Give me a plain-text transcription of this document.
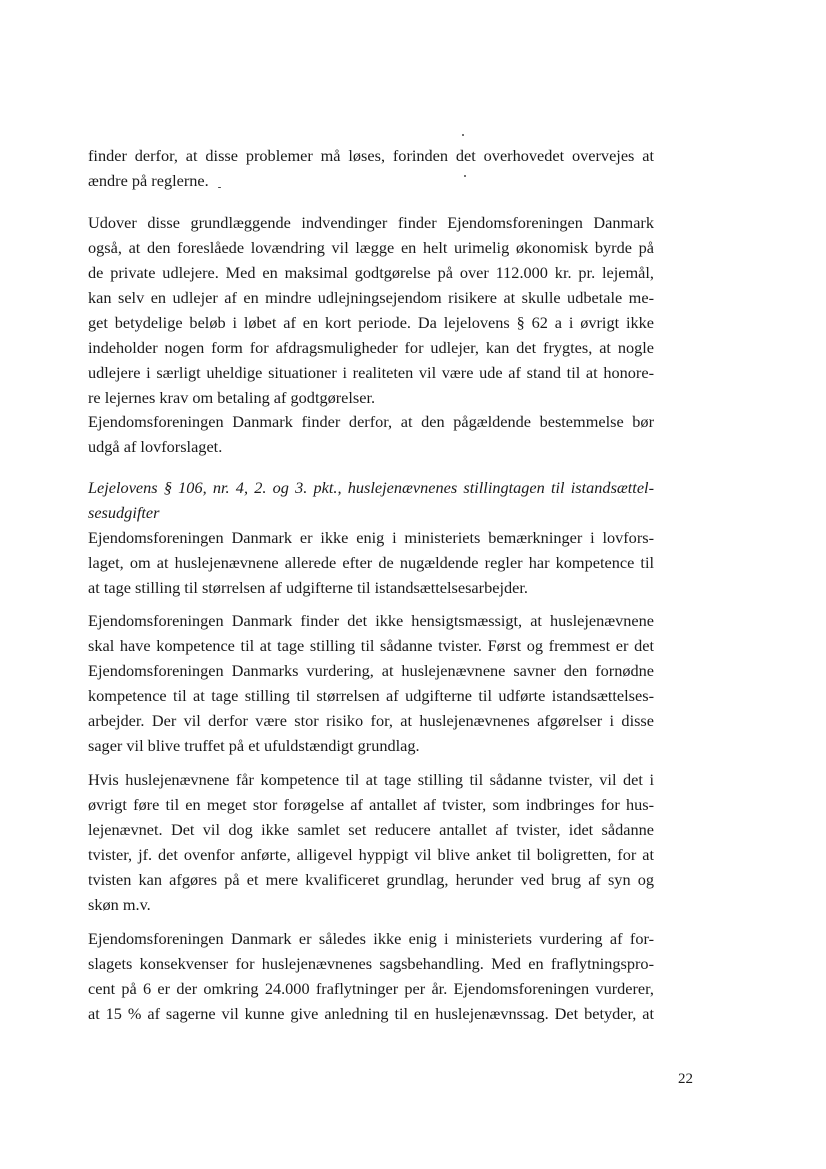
finder derfor, at disse problemer må løses, forinden det overhovedet overvejes at
ændre på reglerne.
Udover disse grundlæggende indvendinger finder Ejendomsforeningen Danmark
også, at den foreslåede lovændring vil lægge en helt urimelig økonomisk byrde på
de private udlejere. Med en maksimal godtgørelse på over 112.000 kr. pr. lejemål,
kan selv en udlejer af en mindre udlejningsejendom risikere at skulle udbetale me-
get betydelige beløb i løbet af en kort periode. Da lejelovens § 62 a i øvrigt ikke
indeholder nogen form for afdragsmuligheder for udlejer, kan det frygtes, at nogle
udlejere i særligt uheldige situationer i realiteten vil være ude af stand til at honore-
re lejernes krav om betaling af godtgørelser.
Ejendomsforeningen Danmark finder derfor, at den pågældende bestemmelse bør
udgå af lovforslaget.
Lejelovens § 106, nr. 4, 2. og 3. pkt., huslejenævnenes stillingtagen til istandsættel-
sesudgifter
Ejendomsforeningen Danmark er ikke enig i ministeriets bemærkninger i lovfors-
laget, om at huslejenævnene allerede efter de nugældende regler har kompetence til
at tage stilling til størrelsen af udgifterne til istandsættelsesarbejder.
Ejendomsforeningen Danmark finder det ikke hensigtsmæssigt, at huslejenævnene
skal have kompetence til at tage stilling til sådanne tvister. Først og fremmest er det
Ejendomsforeningen Danmarks vurdering, at huslejenævnene savner den fornødne
kompetence til at tage stilling til størrelsen af udgifterne til udførte istandsættelses-
arbejder. Der vil derfor være stor risiko for, at huslejenævnenes afgørelser i disse
sager vil blive truffet på et ufuldstændigt grundlag.
Hvis huslejenævnene får kompetence til at tage stilling til sådanne tvister, vil det i
øvrigt føre til en meget stor forøgelse af antallet af tvister, som indbringes for hus-
lejenævnet. Det vil dog ikke samlet set reducere antallet af tvister, idet sådanne
tvister, jf. det ovenfor anførte, alligevel hyppigt vil blive anket til boligretten, for at
tvisten kan afgøres på et mere kvalificeret grundlag, herunder ved brug af syn og
skøn m.v.
Ejendomsforeningen Danmark er således ikke enig i ministeriets vurdering af for-
slagets konsekvenser for huslejenævnenes sagsbehandling. Med en fraflytningspro-
cent på 6 er der omkring 24.000 fraflytninger per år. Ejendomsforeningen vurderer,
at 15 % af sagerne vil kunne give anledning til en huslejenævnssag. Det betyder, at
22
